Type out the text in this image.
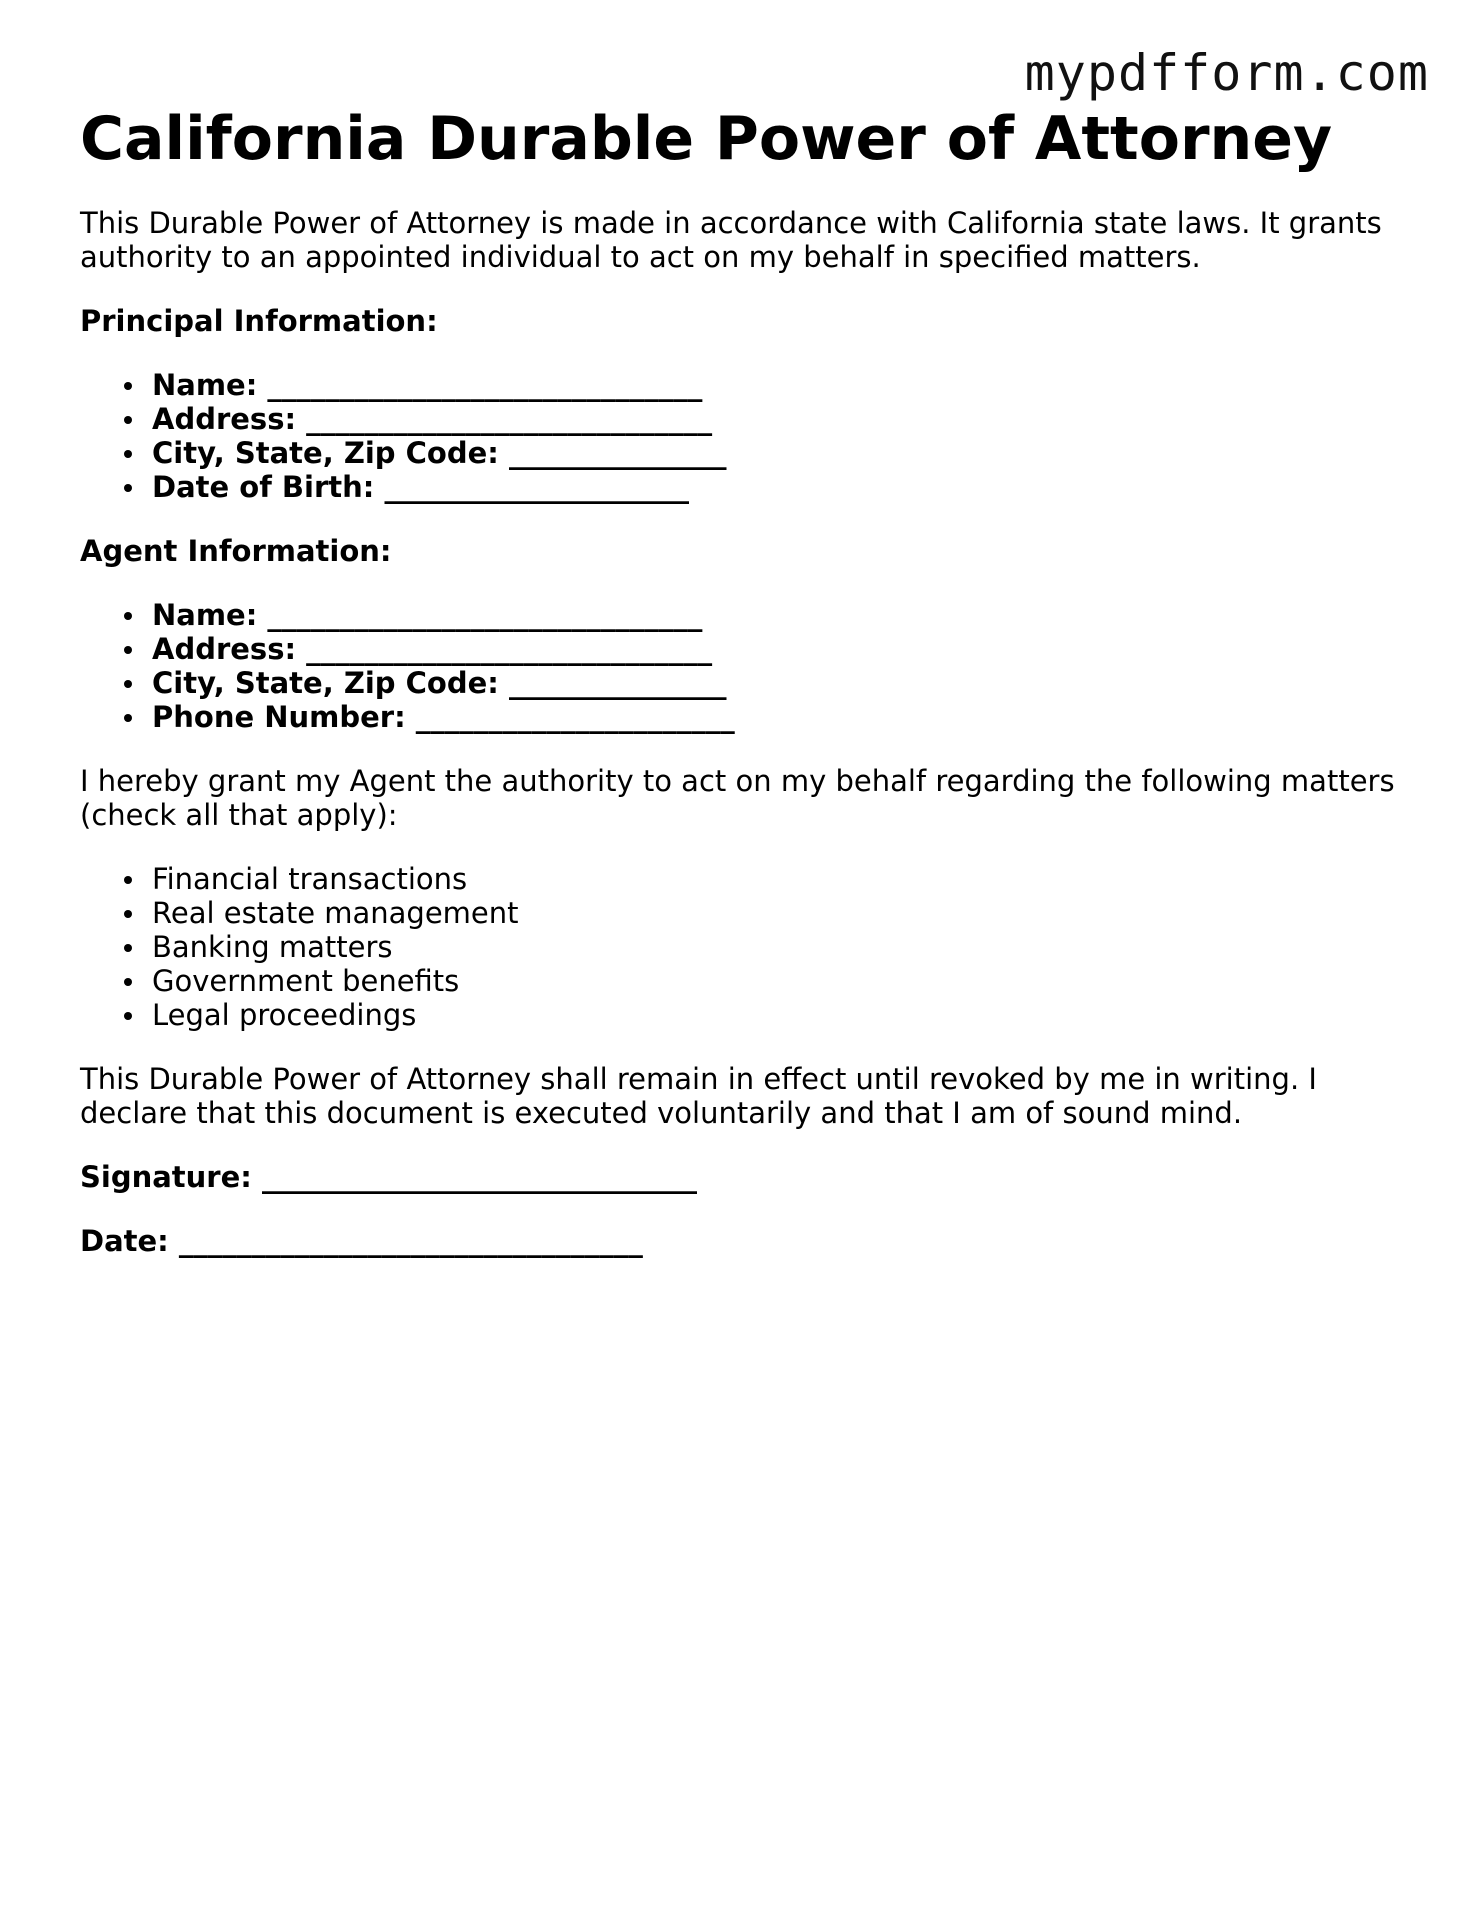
mypdfform.com
California Durable Power of Attorney

This Durable Power of Attorney is made in accordance with California state laws. It grants authority to an appointed individual to act on my behalf in specified matters.

Principal Information:

Name: ______________________________
Address: ____________________________
City, State, Zip Code: _______________
Date of Birth: _____________________

Agent Information:

Name: ______________________________
Address: ____________________________
City, State, Zip Code: _______________
Phone Number: ______________________

I hereby grant my Agent the authority to act on my behalf regarding the following matters (check all that apply):

Financial transactions
Real estate management
Banking matters
Government benefits
Legal proceedings

This Durable Power of Attorney shall remain in effect until revoked by me in writing. I declare that this document is executed voluntarily and that I am of sound mind.

Signature: ______________________________

Date: ________________________________
